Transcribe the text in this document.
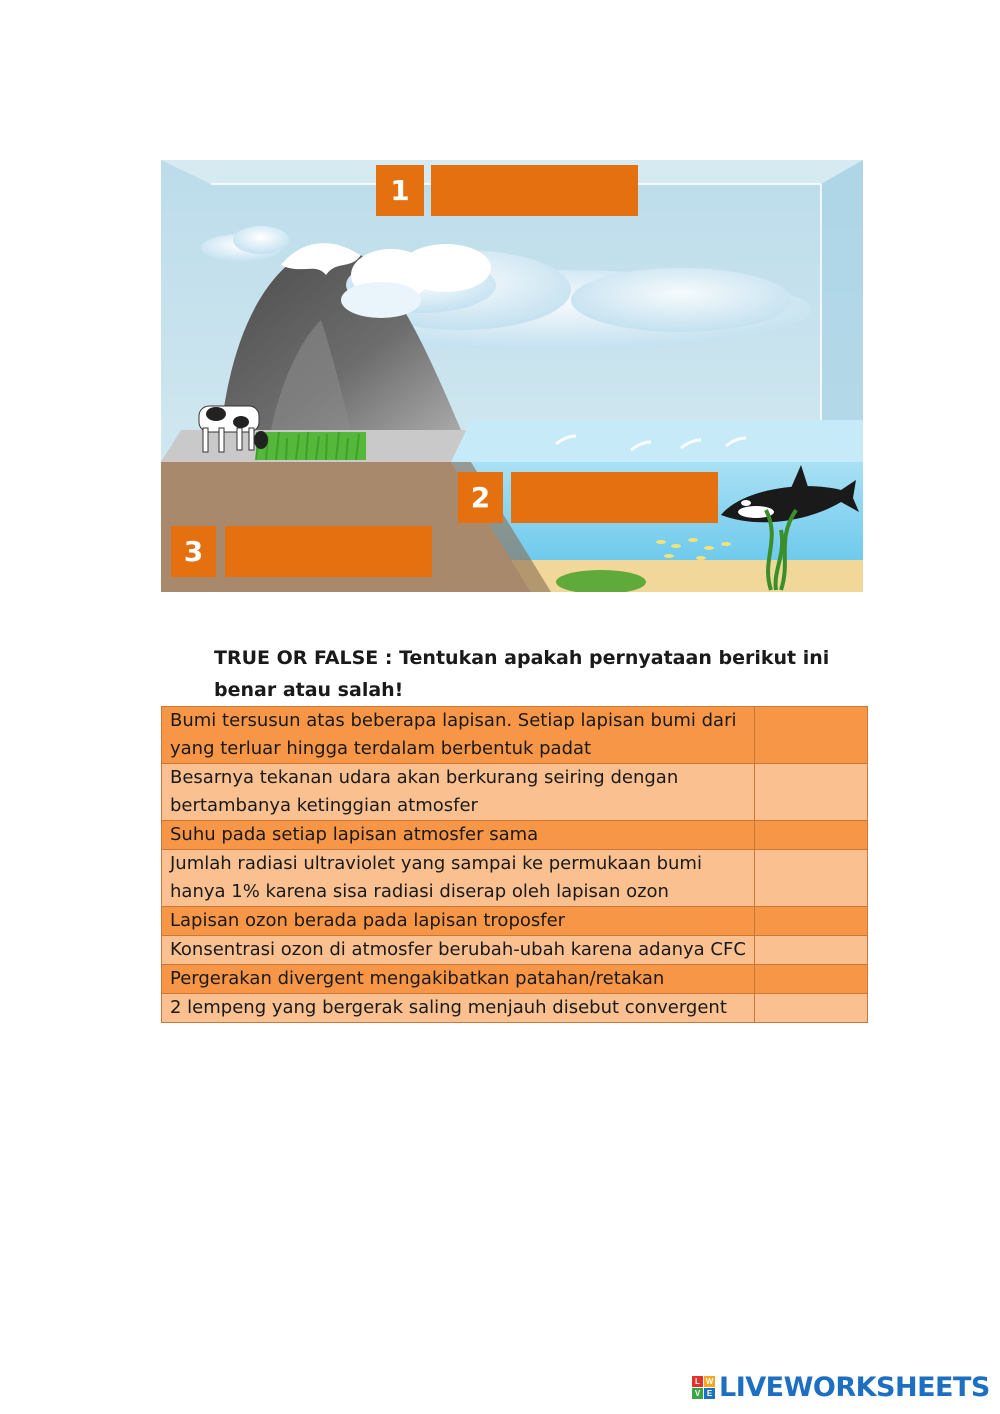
1
2
3
TRUE OR FALSE : Tentukan apakah pernyataan berikut ini benar atau salah!
Bumi tersusun atas beberapa lapisan. Setiap lapisan bumi dari yang terluar hingga terdalam berbentuk padat	
Besarnya tekanan udara akan berkurang seiring dengan bertambanya ketinggian atmosfer	
Suhu pada setiap lapisan atmosfer sama	
Jumlah radiasi ultraviolet yang sampai ke permukaan bumi hanya 1% karena sisa radiasi diserap oleh lapisan ozon	
Lapisan ozon berada pada lapisan troposfer	
Konsentrasi ozon di atmosfer berubah-ubah karena adanya CFC	
Pergerakan divergent mengakibatkan patahan/retakan	
2 lempeng yang bergerak saling menjauh disebut convergent	
L W
V E LIVEWORKSHEETS
